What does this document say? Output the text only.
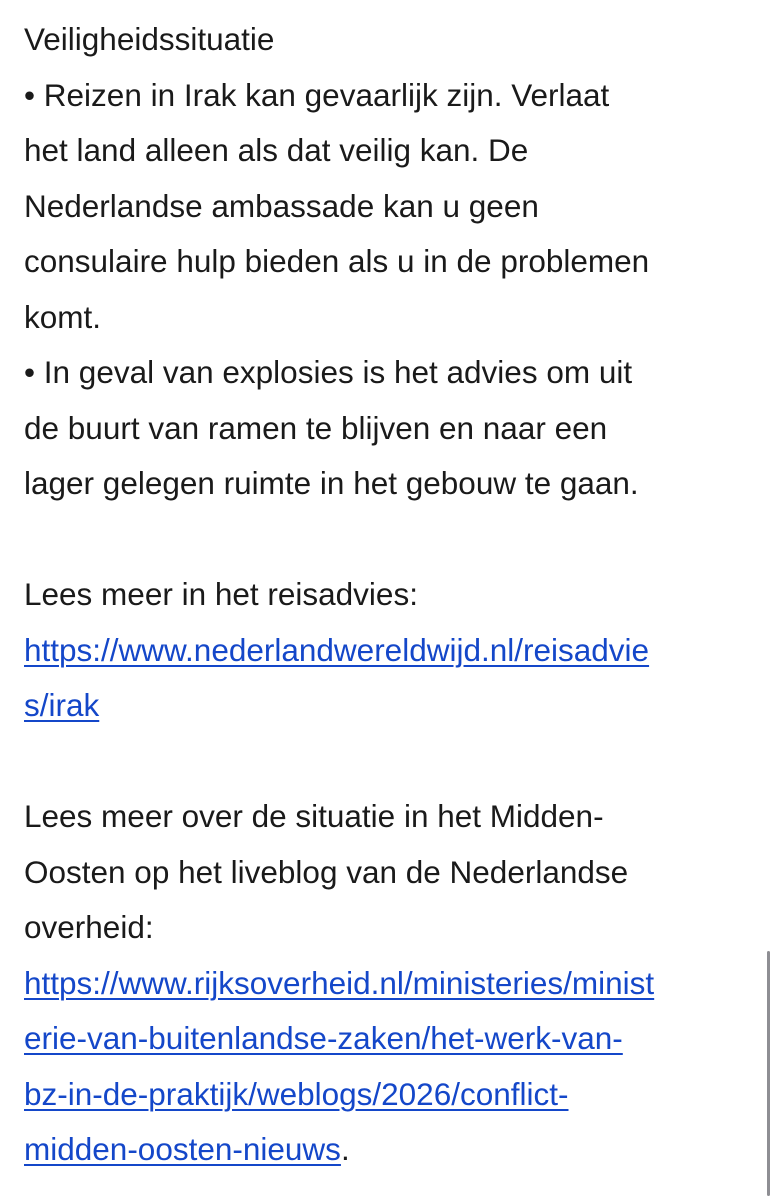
Veiligheidssituatie
• Reizen in Irak kan gevaarlijk zijn. Verlaat
het land alleen als dat veilig kan. De
Nederlandse ambassade kan u geen
consulaire hulp bieden als u in de problemen
komt.
• In geval van explosies is het advies om uit
de buurt van ramen te blijven en naar een
lager gelegen ruimte in het gebouw te gaan.
Lees meer in het reisadvies:
https://www.nederlandwereldwijd.nl/reisadvie
s/irak
Lees meer over de situatie in het Midden-
Oosten op het liveblog van de Nederlandse
overheid:
https://www.rijksoverheid.nl/ministeries/minist
erie-van-buitenlandse-zaken/het-werk-van-
bz-in-de-praktijk/weblogs/2026/conflict-
midden-oosten-nieuws.
